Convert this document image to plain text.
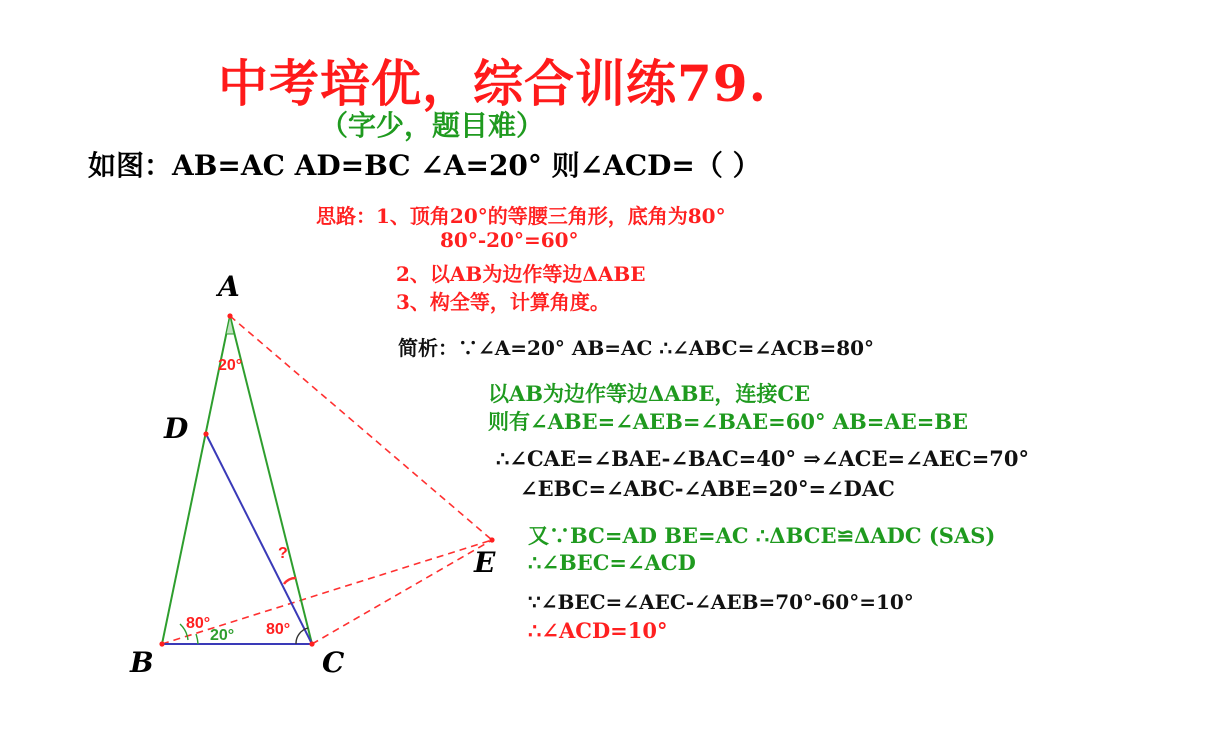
中考培优，综合训练79.
（字少，题目难）
如图：AB=AC AD=BC ∠A=20° 则∠ACD=（ ）
思路：1、顶角20°的等腰三角形，底角为80°
80°-20°=60°
2、以AB为边作等边ΔABE
3、构全等，计算角度。
简析：∵∠A=20° AB=AC ∴∠ABC=∠ACB=80°
以AB为边作等边ΔABE，连接CE
则有∠ABE=∠AEB=∠BAE=60° AB=AE=BE
∴∠CAE=∠BAE-∠BAC=40° ⇒∠ACE=∠AEC=70°
∠EBC=∠ABC-∠ABE=20°=∠DAC
又∵BC=AD BE=AC ∴ΔBCE≌ΔADC (SAS)
∴∠BEC=∠ACD
∵∠BEC=∠AEC-∠AEB=70°-60°=10°
∴∠ACD=10°
A
D
B	C
E
20°
80°
20° 80°
?
